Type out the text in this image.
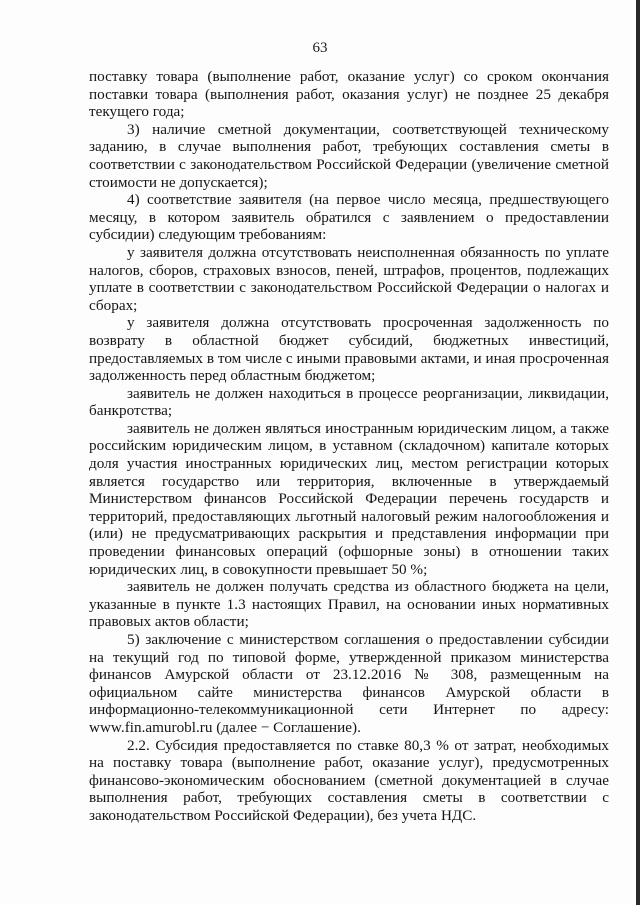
63

поставку товара (выполнение работ, оказание услуг) со сроком окончания поставки товара (выполнения работ, оказания услуг) не позднее 25 декабря текущего года;

3) наличие сметной документации, соответствующей техническому заданию, в случае выполнения работ, требующих составления сметы в соответствии с законодательством Российской Федерации (увеличение сметной стоимости не допускается);

4) соответствие заявителя (на первое число месяца, предшествующего месяцу, в котором заявитель обратился с заявлением о предоставлении субсидии) следующим требованиям:

у заявителя должна отсутствовать неисполненная обязанность по уплате налогов, сборов, страховых взносов, пеней, штрафов, процентов, подлежащих уплате в соответствии с законодательством Российской Федерации о налогах и сборах;

у заявителя должна отсутствовать просроченная задолженность по возврату в областной бюджет субсидий, бюджетных инвестиций, предоставляемых в том числе с иными правовыми актами, и иная просроченная задолженность перед областным бюджетом;

заявитель не должен находиться в процессе реорганизации, ликвидации, банкротства;

заявитель не должен являться иностранным юридическим лицом, а также российским юридическим лицом, в уставном (складочном) капитале которых доля участия иностранных юридических лиц, местом регистрации которых является государство или территория, включенные в утверждаемый Министерством финансов Российской Федерации перечень государств и территорий, предоставляющих льготный налоговый режим налогообложения и (или) не предусматривающих раскрытия и представления информации при проведении финансовых операций (офшорные зоны) в отношении таких юридических лиц, в совокупности превышает 50 %;

заявитель не должен получать средства из областного бюджета на цели, указанные в пункте 1.3 настоящих Правил, на основании иных нормативных правовых актов области;

5) заключение с министерством соглашения о предоставлении субсидии на текущий год по типовой форме, утвержденной приказом министерства финансов Амурской области от 23.12.2016 № 308, размещенным на официальном сайте министерства финансов Амурской области в информационно-телекоммуникационной сети Интернет по адресу: www.fin.amurobl.ru (далее − Соглашение).

2.2. Субсидия предоставляется по ставке 80,3 % от затрат, необходимых на поставку товара (выполнение работ, оказание услуг), предусмотренных финансово-экономическим обоснованием (сметной документацией в случае выполнения работ, требующих составления сметы в соответствии с законодательством Российской Федерации), без учета НДС.
